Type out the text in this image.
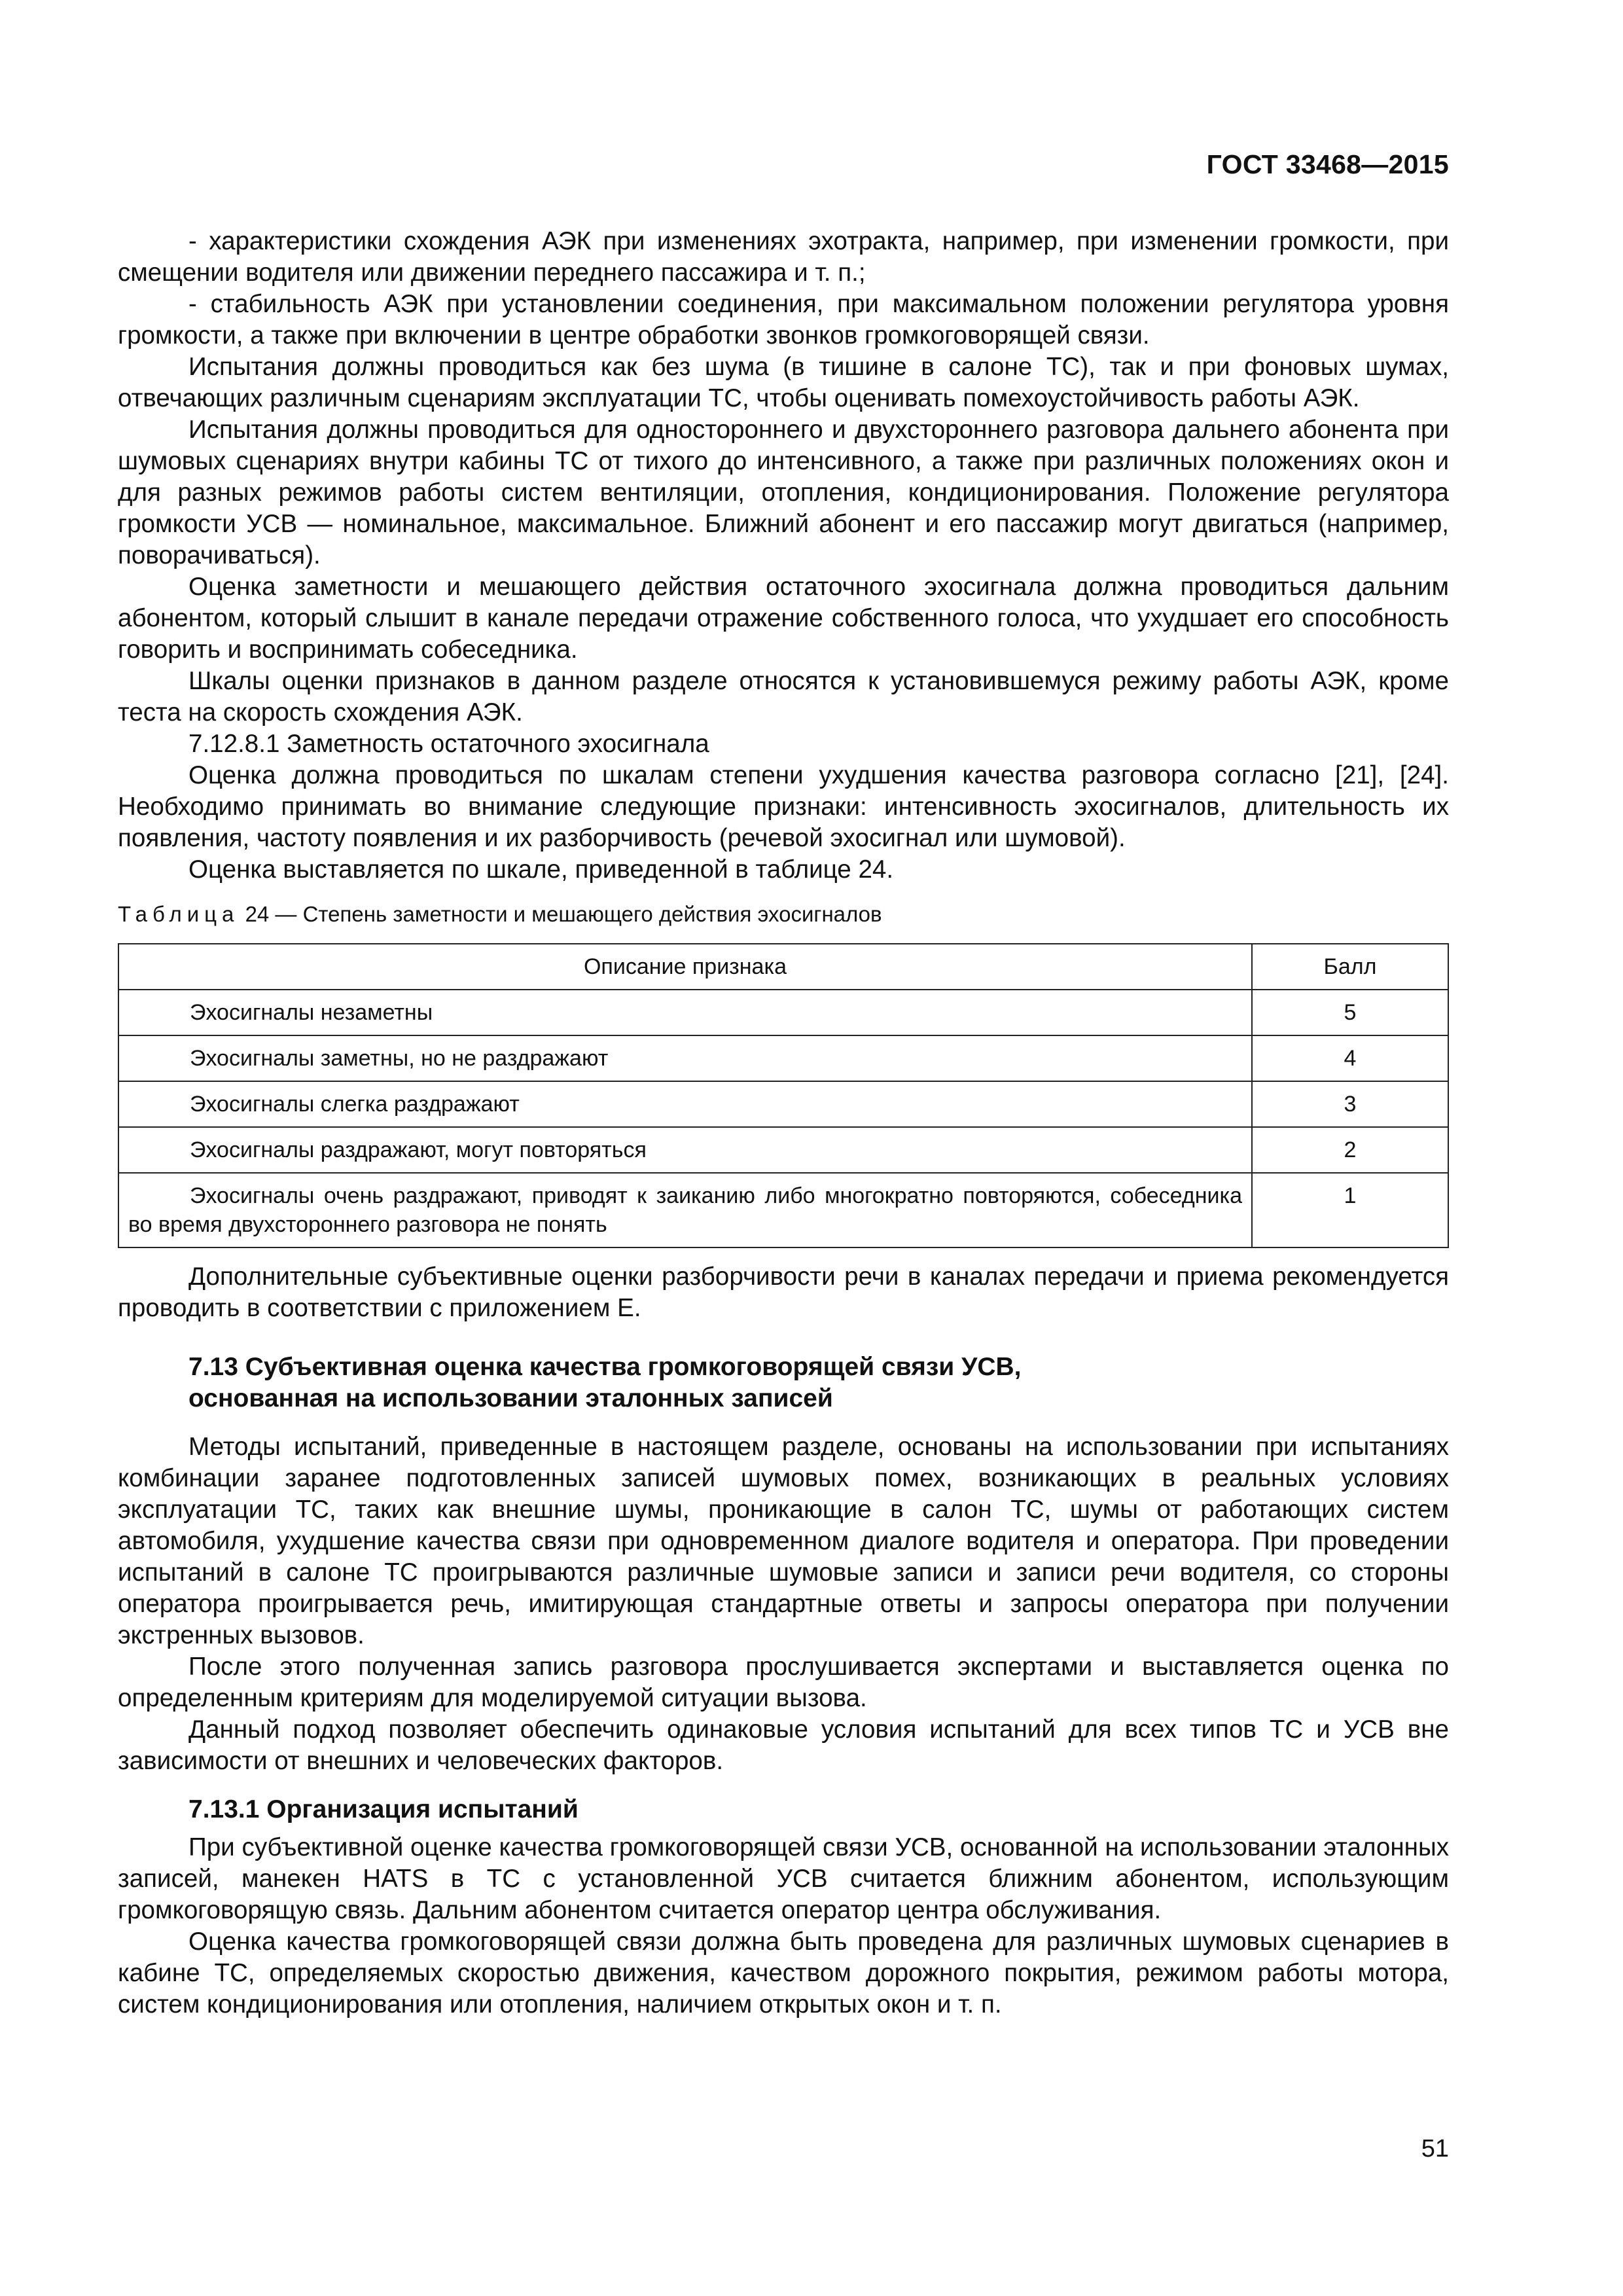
ГОСТ 33468—2015

- характеристики схождения АЭК при изменениях эхотракта, например, при изменении громкости, при смещении водителя или движении переднего пассажира и т. п.;

- стабильность АЭК при установлении соединения, при максимальном положении регулятора уровня громкости, а также при включении в центре обработки звонков громкоговорящей связи.

Испытания должны проводиться как без шума (в тишине в салоне ТС), так и при фоновых шумах, отвечающих различным сценариям эксплуатации ТС, чтобы оценивать помехоустойчивость работы АЭК.

Испытания должны проводиться для одностороннего и двухстороннего разговора дальнего абонента при шумовых сценариях внутри кабины ТС от тихого до интенсивного, а также при различных положениях окон и для разных режимов работы систем вентиляции, отопления, кондиционирования. Положение регулятора громкости УСВ — номинальное, максимальное. Ближний абонент и его пассажир могут двигаться (например, поворачиваться).

Оценка заметности и мешающего действия остаточного эхосигнала должна проводиться дальним абонентом, который слышит в канале передачи отражение собственного голоса, что ухудшает его способность говорить и воспринимать собеседника.

Шкалы оценки признаков в данном разделе относятся к установившемуся режиму работы АЭК, кроме теста на скорость схождения АЭК.

7.12.8.1 Заметность остаточного эхосигнала

Оценка должна проводиться по шкалам степени ухудшения качества разговора согласно [21], [24]. Необходимо принимать во внимание следующие признаки: интенсивность эхосигналов, длительность их появления, частоту появления и их разборчивость (речевой эхосигнал или шумовой).

Оценка выставляется по шкале, приведенной в таблице 24.

Таблица 24 — Степень заметности и мешающего действия эхосигналов
Описание признака	Балл
Эхосигналы незаметны	5
Эхосигналы заметны, но не раздражают	4
Эхосигналы слегка раздражают	3
Эхосигналы раздражают, могут повторяться	2
Эхосигналы очень раздражают, приводят к заиканию либо многократно повторяются, собеседника во время двухстороннего разговора не понять	1

Дополнительные субъективные оценки разборчивости речи в каналах передачи и приема рекомендуется проводить в соответствии с приложением Е.

7.13 Субъективная оценка качества громкоговорящей связи УСВ,
основанная на использовании эталонных записей

Методы испытаний, приведенные в настоящем разделе, основаны на использовании при испытаниях комбинации заранее подготовленных записей шумовых помех, возникающих в реальных условиях эксплуатации ТС, таких как внешние шумы, проникающие в салон ТС, шумы от работающих систем автомобиля, ухудшение качества связи при одновременном диалоге водителя и оператора. При проведении испытаний в салоне ТС проигрываются различные шумовые записи и записи речи водителя, со стороны оператора проигрывается речь, имитирующая стандартные ответы и запросы оператора при получении экстренных вызовов.

После этого полученная запись разговора прослушивается экспертами и выставляется оценка по определенным критериям для моделируемой ситуации вызова.

Данный подход позволяет обеспечить одинаковые условия испытаний для всех типов ТС и УСВ вне зависимости от внешних и человеческих факторов.

7.13.1 Организация испытаний

При субъективной оценке качества громкоговорящей связи УСВ, основанной на использовании эталонных записей, манекен HATS в ТС с установленной УСВ считается ближним абонентом, использующим громкоговорящую связь. Дальним абонентом считается оператор центра обслуживания.

Оценка качества громкоговорящей связи должна быть проведена для различных шумовых сценариев в кабине ТС, определяемых скоростью движения, качеством дорожного покрытия, режимом работы мотора, систем кондиционирования или отопления, наличием открытых окон и т. п.

51
